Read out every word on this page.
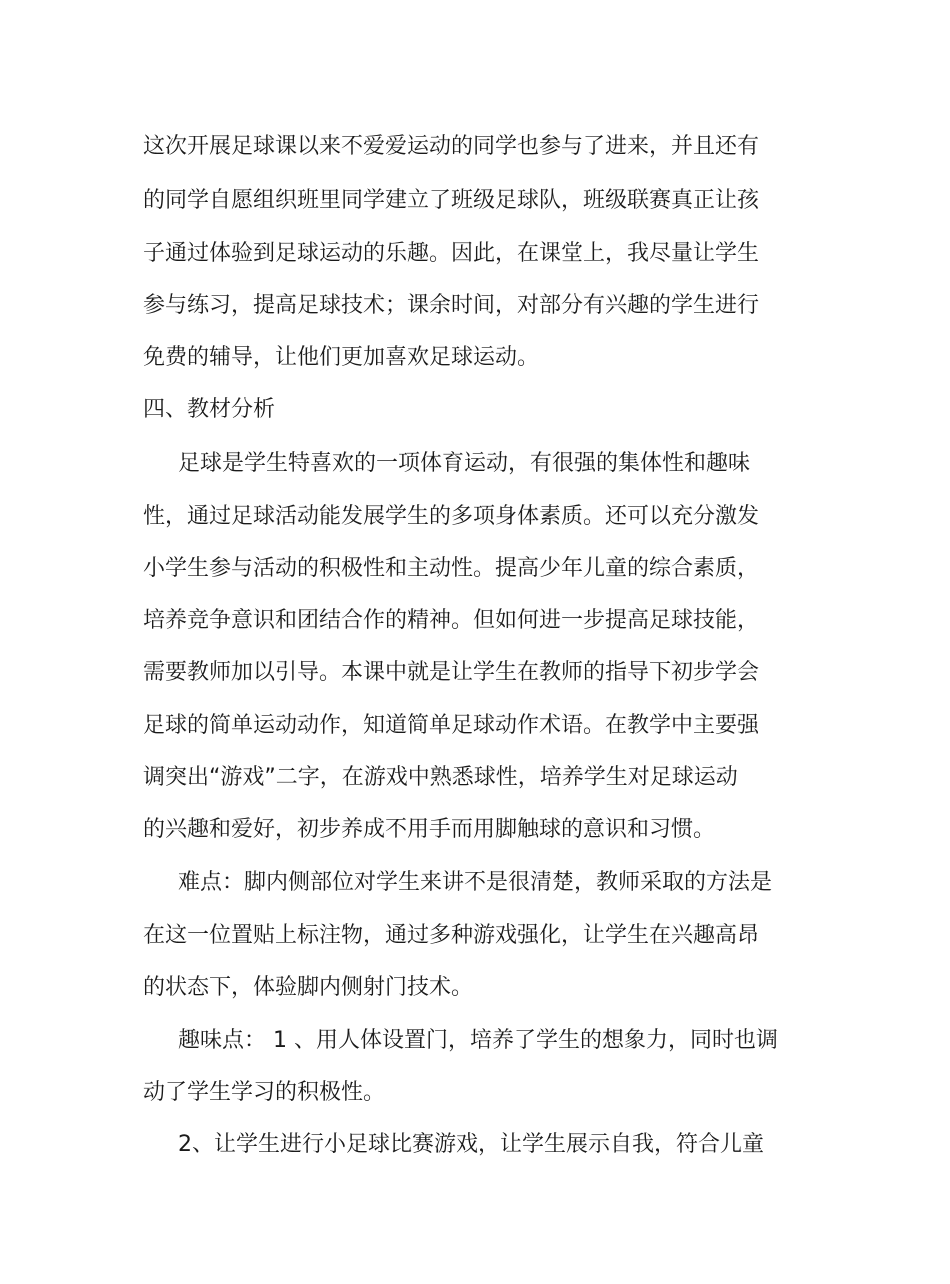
这次开展足球课以来不爱爱运动的同学也参与了进来，并且还有
的同学自愿组织班里同学建立了班级足球队，班级联赛真正让孩
子通过体验到足球运动的乐趣。因此，在课堂上，我尽量让学生
参与练习，提高足球技术；课余时间，对部分有兴趣的学生进行
免费的辅导，让他们更加喜欢足球运动。
四、教材分析
足球是学生特喜欢的一项体育运动，有很强的集体性和趣味
性，通过足球活动能发展学生的多项身体素质。还可以充分激发
小学生参与活动的积极性和主动性。提高少年儿童的综合素质，
培养竞争意识和团结合作的精神。但如何进一步提高足球技能，
需要教师加以引导。本课中就是让学生在教师的指导下初步学会
足球的简单运动动作，知道简单足球动作术语。在教学中主要强
调突出“游戏”二字，在游戏中熟悉球性，培养学生对足球运动
的兴趣和爱好，初步养成不用手而用脚触球的意识和习惯。
难点：脚内侧部位对学生来讲不是很清楚，教师采取的方法是
在这一位置贴上标注物，通过多种游戏强化，让学生在兴趣高昂
的状态下，体验脚内侧射门技术。
趣味点： 1 、用人体设置门，培养了学生的想象力，同时也调
动了学生学习的积极性。
2、让学生进行小足球比赛游戏，让学生展示自我，符合儿童
